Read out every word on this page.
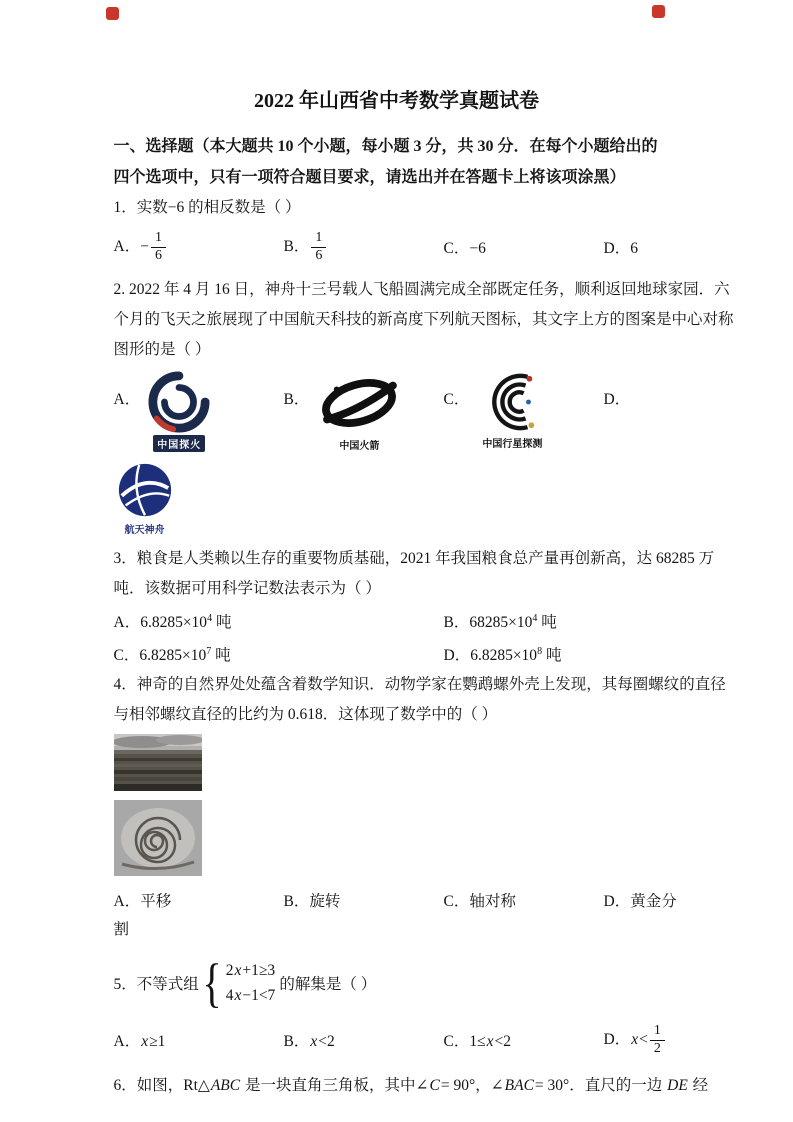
2022 年山西省中考数学真题试卷

一、选择题（本大题共 10 个小题，每小题 3 分，共 30 分．在每个小题给出的

四个选项中，只有一项符合题目要求，请选出并在答题卡上将该项涂黑）

1．实数−6 的相反数是（ ）

A．− $\frac{1}{6}$	B． $\frac{1}{6}$	C．−6	D．6

2. 2022 年 4 月 16 日，神舟十三号载人飞船圆满完成全部既定任务，顺利返回地球家园．六

个月的飞天之旅展现了中国航天科技的新高度下列航天图标，其文字上方的图案是中心对称

图形的是（ ）

A．
中国探火
B．
中国火箭
C．
中国行星探测
D．
航天神舟

3．粮食是人类赖以生存的重要物质基础，2021 年我国粮食总产量再创新高，达 68285 万

吨．该数据可用科学记数法表示为（ ）

A．$6.8285\times 10^4$ 吨	B．$68285\times 10^4$ 吨
C．$6.8285\times 10^7$ 吨	D．$6.8285\times 10^8$ 吨

4．神奇的自然界处处蕴含着数学知识．动物学家在鹦鹉螺外壳上发现，其每圈螺纹的直径

与相邻螺纹直径的比约为 0.618．这体现了数学中的（ ）

A．平移	B．旋转	C．轴对称	D．黄金分

割

5．不等式组 { 2x+1≥3
4x−1<7
的解集是（ ）
A．x≥1	B．x<2	C．1≤x<2	D．$x< \frac{1}{2}$

6．如图，Rt△ABC 是一块直角三角板，其中∠C= 90°，∠BAC= 30°．直尺的一边 DE 经
